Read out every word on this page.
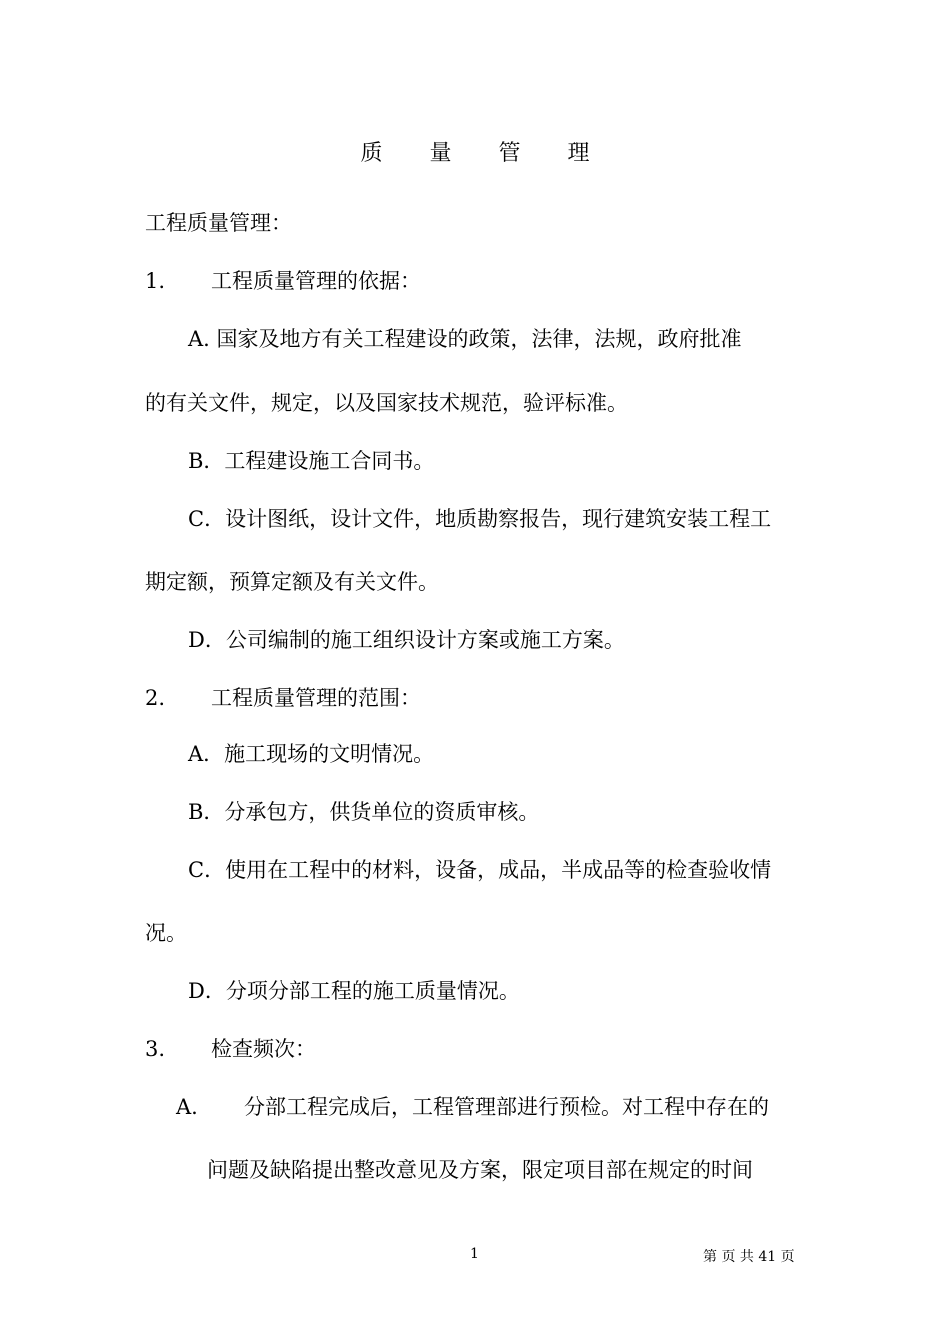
质 量 管 理
工程质量管理：
1. 工程质量管理的依据：
A. 国家及地方有关工程建设的政策，法律，法规，政府批准
的有关文件，规定，以及国家技术规范，验评标准。
B．工程建设施工合同书。
C．设计图纸，设计文件，地质勘察报告，现行建筑安装工程工
期定额，预算定额及有关文件。
D．公司编制的施工组织设计方案或施工方案。
2. 工程质量管理的范围：
A．施工现场的文明情况。
B．分承包方，供货单位的资质审核。
C．使用在工程中的材料，设备，成品，半成品等的检查验收情
况。
D．分项分部工程的施工质量情况。
3. 检查频次：
A. 分部工程完成后，工程管理部进行预检。对工程中存在的
问题及缺陷提出整改意见及方案，限定项目部在规定的时间
1	第 页 共 41 页
